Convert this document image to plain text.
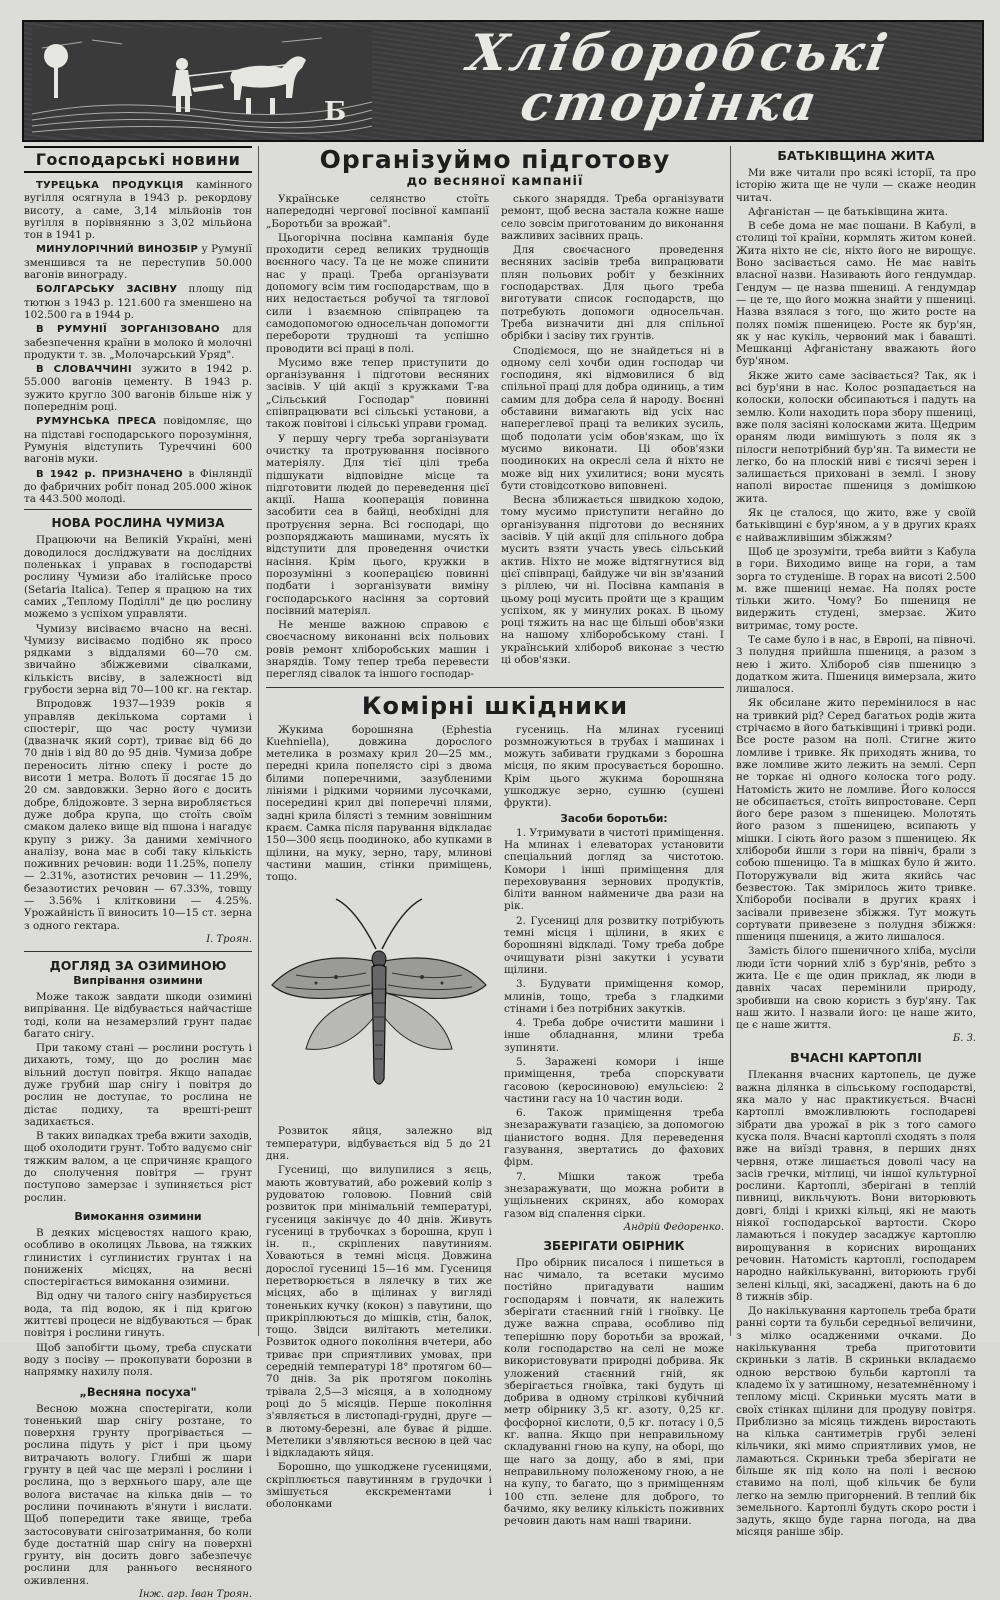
Б
Хлібoробськi
сторiнка
Господарські новини

ТУРЕЦЬКА ПРОДУКЦІЯ камінного вугілля осягнула в 1943 р. рекордову висоту, а саме, 3,14 мільйонів тон вугілля в порівнянню з 3,02 мільйона тон в 1941 р.

МИНУЛОРІЧНИЙ ВИНОЗБІР у Румунії зменшився та не переступив 50.000 вагонів винограду.

БОЛГАРСЬКУ ЗАСІВНУ площу під тютюн з 1943 р. 121.600 га зменшено на 102.500 га в 1944 р.

В РУМУНІЇ ЗОРГАНІЗОВАНО для забезпечення країни в молоко й молочні продукти т. зв. „Молочарський Уряд".

В СЛОВАЧЧИНІ зужито в 1942 р. 55.000 вагонів цементу. В 1943 р. зужито кругло 300 вагонів більше ніж у попереднім році.

РУМУНСЬКА ПРЕСА повідомляє, що на підставі господарського порозуміння, Румунія відступить Туреччині 600 вагонів муки.

В 1942 р. ПРИЗНАЧЕНО в Фінляндії до фабричних робіт понад 205.000 жінок та 443.500 молоді.

НОВА РОСЛИНА ЧУМИЗА

Працюючи на Великій Україні, мені доводилося досліджувати на дослідних поленьках і управах в господарстві рослину Чумизи або італійське просо (Setaria Italica). Тепер я працюю на тих самих „Теплому Поділлі" де цю рослину можемо з успіхом управляти.

Чумизу висіваємо вчасно на весні. Чумизу висіваємо подібно як просо рядками з віддалями 60—70 см. звичайно збіжжевими сівалками, кількість висіву, в залежності від грубости зерна від 70—100 кг. на гектар.

Впродовж 1937—1939 років я управляв декількома сортами і спостеріг, що час росту чумизи (двазначк який сорт), триває від 66 до 70 днів і від 80 до 95 днів. Чумиза добре переносить літню спеку і росте до висоти 1 метра. Волоть її досягає 15 до 20 см. завдовжки. Зерно його є досить добре, блідожовте. З зерна виробляється дуже добра крупа, що стоїть своїм смаком далеко вище від пшона і нагадує крупу з рижу. За даними хемічного аналізу, вона має в собі таку кількість поживних речовин: води 11.25%, попелу — 2.31%, азотистих речовин — 11.29%, безазотистих речовин — 67.33%, товщу — 3.56% і клітковини — 4.25%. Урожайність її виносить 10—15 ст. зерна з одного гектара.

І. Троян.
ДОГЛЯД ЗА ОЗИМИНОЮ
Випрівання озимини

Може також завдати шкоди озимині випрівання. Це відбувається найчастіше тоді, коли на незамерзлий грунт падає багато снігу.

При такому стані — рослини ростуть і дихають, тому, що до рослин має вільний доступ повітря. Якщо нападає дуже грубий шар снігу і повітря до рослин не доступає, то рослина не дістає подиху, та врешті-решт задихається.

В таких випадках треба вжити заходів, щоб охолодити грунт. Тобто вадуємо сніг тяжким валом, а це спричиняє кращого до сполучення повітря — грунт поступово замерзає і зупиняється ріст рослин.

Вимокання озимини

В деяких місцевостях нашого краю, особливо в околицях Львова, на тяжких глинистих і суглинистих грунтах і на пониженіх місцях, на весні спостерігається вимокання озимини.

Від одну чи талого снігу назбирується вода, та під водою, як і під кригою життєві процеси не відбуваються — брак повітря і рослини гинуть.

Щоб запобігти цьому, треба спускати воду з посіву — прокопувати борозни в напрямку нахилу поля.

„Веснянa посуха"

Весною можна спостерігати, коли тоненький шар снігу розтане, то поверхня грунту прогрівається — рослина підуть у ріст і при цьому витрачають вологу. Глибші ж шари грунту в цей час ще мерзлі і рослини і рослина, що з верхнього шару, але ще волога вистачає на кілька днів — то рослини починають в'янути і вислати. Щоб попередити таке явище, треба застосовувати снігозатримання, бо коли буде достатній шар снігу на поверхні грунту, він досить довго забезпечує рослини для раннього весняного оживлення.

Інж. агр. Іван Троян.
Організуймо підготову
до весняної кампанії

Українське селянство стоїть напередодні чергової посівної кампанії „Боротьби за врожай".

Цьогорічна посівна кампанія буде проходити серед великих труднощів воєнного часу. Та це не може спинити нас у праці. Треба організувати допомогу всім тим господарствам, що в них недостається робучої та тяглової сили і взаємною співпрацею та самодопомогою односельчан допомогти перебороти трудноші та успішно проводити всі праці в полі.

Мусимо вже тепер приступити до організування і підготови весняних засівів. У цій акції з кружками Т-ва „Сільський Господар" повинні співпрацювати всі сільські установи, а також повітові і сільські управи громад.

У першу чергу треба зорганізувати очистку та протруювання посівного матеріялу. Для тієї цілі треба підшукати відповідне місце та підготовити людей до переведення цієї акції. Наша кооперація повинна засобити сеа в байці, необхідні для протруєння зерна. Всі господарі, що розпоряджають машинами, мусять їх відступити для проведення очистки насіння. Крім цього, кружки в порозумінні з кооперацією повинні подбати і зорганізувати виміну господарського насіння за сортовий посівний матеріял.

Не менше важною справою є своєчасному виконанні всіх польових ровів ремонт хліборобських машин і знарядів. Тому тепер треба перевести перегляд сівалок та іншого господар-

ського знаряддя. Треба організувати ремонт, щоб весна застала кожне наше село зовсім приготованим до виконання важливих засівних праць.

Для своєчасного проведення весняних засівів треба випрацювати плян польових робіт у безкінних господарствах. Для цього треба виготувати список господарств, що потребують допомоги односельчан. Треба визначити дні для спільної обрібки і засіву тих грунтів.

Сподіємося, що не знайдеться ні в одному селі хочби один господар чи господиня, які відмовилися б від спільної праці для добра одиниць, а тим самим для добра села й народу. Воєнні обставини вимагають від усіх нас напереглевої праці та великих зусиль, щоб подолати усім обов'язкам, що їх мусимо виконати. Ці обов'язки поодиноких на окреслі села й ніхто не може від них ухилитися; вони мусять бути стовідсотково виповнені.

Весна зближається швидкою ходою, тому мусимо приступити негайно до організування підготови до весняних засівів. У цій акції для спільного добра мусить взяти участь увесь сільський актив. Ніхто не може відтягнутися від цієї співпраці, байдуже чи він зв'язаний з ріллею, чи ні. Посівна кампанія в цьому році мусить пройти ще з кращим успіхом, як у минулих роках. В цьому році тяжить на нас ще більші обов'язки на нашому хліборобському стані. І український хлібороб виконає з честю ці обов'язки.

Комірні шкідники

Жукима борошняна (Ephestia Kuehniella), довжина дорослого метелика в розмаху крил 20—25 мм., передні крила попелясто сірі з двома білими поперечними, зазубленими лініями і рідкими чорними лусочками, посередині крил дві поперечні плями, задні крила білясті з темним зовнішним краєм. Самка після парування відкладає 150—300 яєць поодиноко, або купками в щілини, на муку, зерно, тару, млинові частини машин, стінки приміщень, тощо.

Розвиток яйця, залежно від температури, відбувається від 5 до 21 дня.

Гусениці, що вилупилися з яєць, мають жовтуватий, або рожевий колір з рудоватою головою. Повний свій розвиток при мінімальній температурі, гусениця закінчує до 40 днів. Живуть гусениці в трубочках з борошна, круп і ін. п., скріплених павутиниям. Ховаються в темні місця. Довжина дорослої гусениці 15—16 мм. Гусениця перетворюється в лялечку в тих же місцях, або в щілинах у вигляді тоненьких кучку (кокон) з павутини, що прикріплюються до мішків, стін, балок, тощо. Звідси вилітають метелики. Розвиток одного покоління вчетери, або триває при сприятливих умовах, при середній температурі 18° протягом 60—70 днів. За рік протягом поколінь трівала 2,5—3 місяця, а в холодному році до 5 місяців. Перше покоління з'являється в листопаді-грудні, друге — в лютому-березні, але буває й рідше. Метелики з'являються весною в цей час і відкладають яйця.

Борошно, що ушкоджене гусеницями, скріплюється павутинням в грудочки і змішується екскрементами і оболонками

гусениць. На млинах гусениці розмножуються в трубах і машинах і можуть забивати грудками з борошна місця, по яким просувається борошно. Крім цього жукима борошняна ушкоджує зерно, сушню (сушені фрукти).

Засоби боротьби:

1. Утримувати в чистоті приміщення. На млинах і елеваторах установити спеціальний догляд за чистотою. Комори і інші приміщення для переховування зернових продуктів, біліти ванном наймениче два рази на рік.

2. Гусениці для розвитку потрібують темні місця і щілини, в яких є борошняні відкладі. Тому треба добре очищувати різні закутки і усувати щілини.

3. Будувати приміщення комор, млинів, тощо, треба з гладкими стінами і без потрібних закутків.

4. Треба добре очистити машини і інше обладнання, млини треба зупиняти.

5. Заражені комори і інше приміщення, треба спорскувати гасовою (керосиновою) емульсією: 2 частини гасу на 10 частин води.

6. Також приміщення треба знезаражувати газацією, за допомогою ціанистого водня. Для переведення газування, звертатись до фахових фірм.

7. Мішки також треба знезаражувати, що можна робити в ущільнених скринях, або коморах газом від спалення сірки.

Андрій Федоренко.
ЗБЕРІГАТИ ОБІРНИК

Про обірник писалося і пишеться в нас чимало, та всетаки мусимо постійно пригадувати нашим господарям і повчати, як належить зберігати стаєнний гній і гноївку. Це дуже важна справа, особливо під теперішню пору боротьби за врожай, коли господарство на селі не може використовувати природні добрива. Як уложений стаєнний гній, як зберігається гноївка, такі будуть ці добрива в одному стрілкові кубічний метр обірнику 3,5 кг. азоту, 0,25 кг. фосфорної кислоти, 0,5 кг. потасу і 0,5 кг. вапна. Якщо при неправильному складуванні гною на купу, на оборі, що ще наго за дощу, або в ямі, при неправильному положеному гною, а не на купу, то багато, що з приміщенням 100 стп. зелене для доброго, то бачимо, яку велику кількість поживних речовин дають нам наші тварини.

БАТЬКІВЩИНА ЖИТА

Ми вже читали про всякі історії, та про історію жита ще не чули — скаже неодин читач.

Афганістан — це батьківщина жита.

В себе дома не має пошани. В Кабулі, в столиці тої країни, кормлять житом коней. Жита ніхто не сіє, ніхто його не вирощує. Воно засівається само. Не має навіть власної назви. Називають його гендумдар. Гендум — це назва пшениці. А гендумдар — це те, що його можна знайти у пшениці. Назва взялася з того, що жито росте на полях поміж пшеницею. Росте як бур'ян, як у нас кукіль, червоний мак і бавашті. Мешканці Афганістану вважають його бур'яном.

Якже жито саме засівається? Так, як і всі бур'яни в нас. Колос розпадається на колоски, колоски обсипаються і падуть на землю. Коли находить пора збору пшениці, вже поля засіяні колосками жита. Щедрим ораням люди вимішують з поля як з пілосги непотрібний бур'ян. Та вимести не легко, бо на плоскій ниві є тисячі зерен і залишається приховані в землі. І знову наполі виростає пшениця з домішкою жита.

Як це сталося, що жито, вже у своїй батьківщині є бур'яном, а у в других краях є найважливішим збіжжям?

Щоб це зрозуміти, треба вийти з Кабула в гори. Виходимо вище на гори, а там зорга то студеніше. В горах на висоті 2.500 м. вже пшениці немає. На полях ростe тільки жито. Чому? Бо пшениця не видержить студені, змерзає. Жито витримає, тому росте.

Те саме було і в нас, в Европі, на півночі. З полудня прийшла пшениця, а разом з нею і жито. Хлібороб сіяв пшеницю з додатком жита. Пшениця вимерзала, жито лишалося.

Як обсилане жито перемінилося в нас на тривкий рід? Серед багатьох родів жита стрічаємо в його батьківщині і тривкі роди. Все росте разом на полі. Стигне жито ломливе і тривке. Як приходять жнива, то вже ломливе жито лежить на землі. Серп не торкає ні одного колоска того роду. Натомість жито не ломливе. Його колосся не обсипається, стоїть випростоване. Серп його бере разом з пшеницею. Молотять його разом з пшеницею, всипають у мішки. І сіють його разом з пшеницею. Як хлібороби йшли з гори на північ, брали з собою пшеницю. Та в мішках було й жито. Поторужували від жита якийсь час безвестою. Так змірилось жито тривке. Хлібороби посівали в других краях і засівали привезене збіжжя. Тут можуть сортувати привезене з полудня збіжжя: пшениця пшениця, а жито лишалося.

Замість білого пшеничного хліба, мусіли люди їсти чорний хліб з бур'янів, ребто з жита. Це є ще один приклад, як люди в давніх часах перемінили природу, зробивши на свою користь з бур'яну. Так наш жито. І назвали його: це наше жито, це є наше життя.

Б. З.
ВЧАСНІ КАРТОПЛІ

Плекання вчасних картопель, це дуже важна ділянка в сільському господарстві, яка мало у нас практикується. Вчасні картоплі вможливлюють господареві зібрати два урожаї в рік з того самого куска поля. Вчасні картоплі сходять з поля вже на виїздi травня, в перших днях червня, отже лишається доволі часу на засів гречки, мітлиці, чи іншої культурної рослини. Картоплі, зберігані в теплій пивниці, викльчують. Вони виторювють довгі, блідi і крихкі кільці, які не мають ніякої господарської вартости. Скоро ламаються і покудер засаджує картоплю вирощування в корисних вирощаних речовин. Натомість картоплі, господарем народно найкількуванні, виторюють грубі зелені кільці, які, засаджені, дають на 6 до 8 тижнів збір.

До накількування картопель треба брати ранні сорти та бульби середньої величини, з мілко осадженими очками. До накількування треба приготовити скриньки з латів. В скриньки вкладаємо одною верствою бульби картоплі та кладемо їх у затишному, незатемнённому і теплому місці. Скриньки мусять мати в своїх стінках щілини для продуву повітря. Приблизно за місяць тиждень виростають на кілька сантиметрів грубі зелені кільчики, які мимо сприятливих умов, не ламаються. Скриньки треба зберігати не більше як під коло на полі і весною ставимо на полі, щоб кільчик бе були легко на землю пригорнений. В теплий бік земельного. Картоплі будуть скоро рости і задуть, якщо буде гарна погода, на два місяця раніше збір.
